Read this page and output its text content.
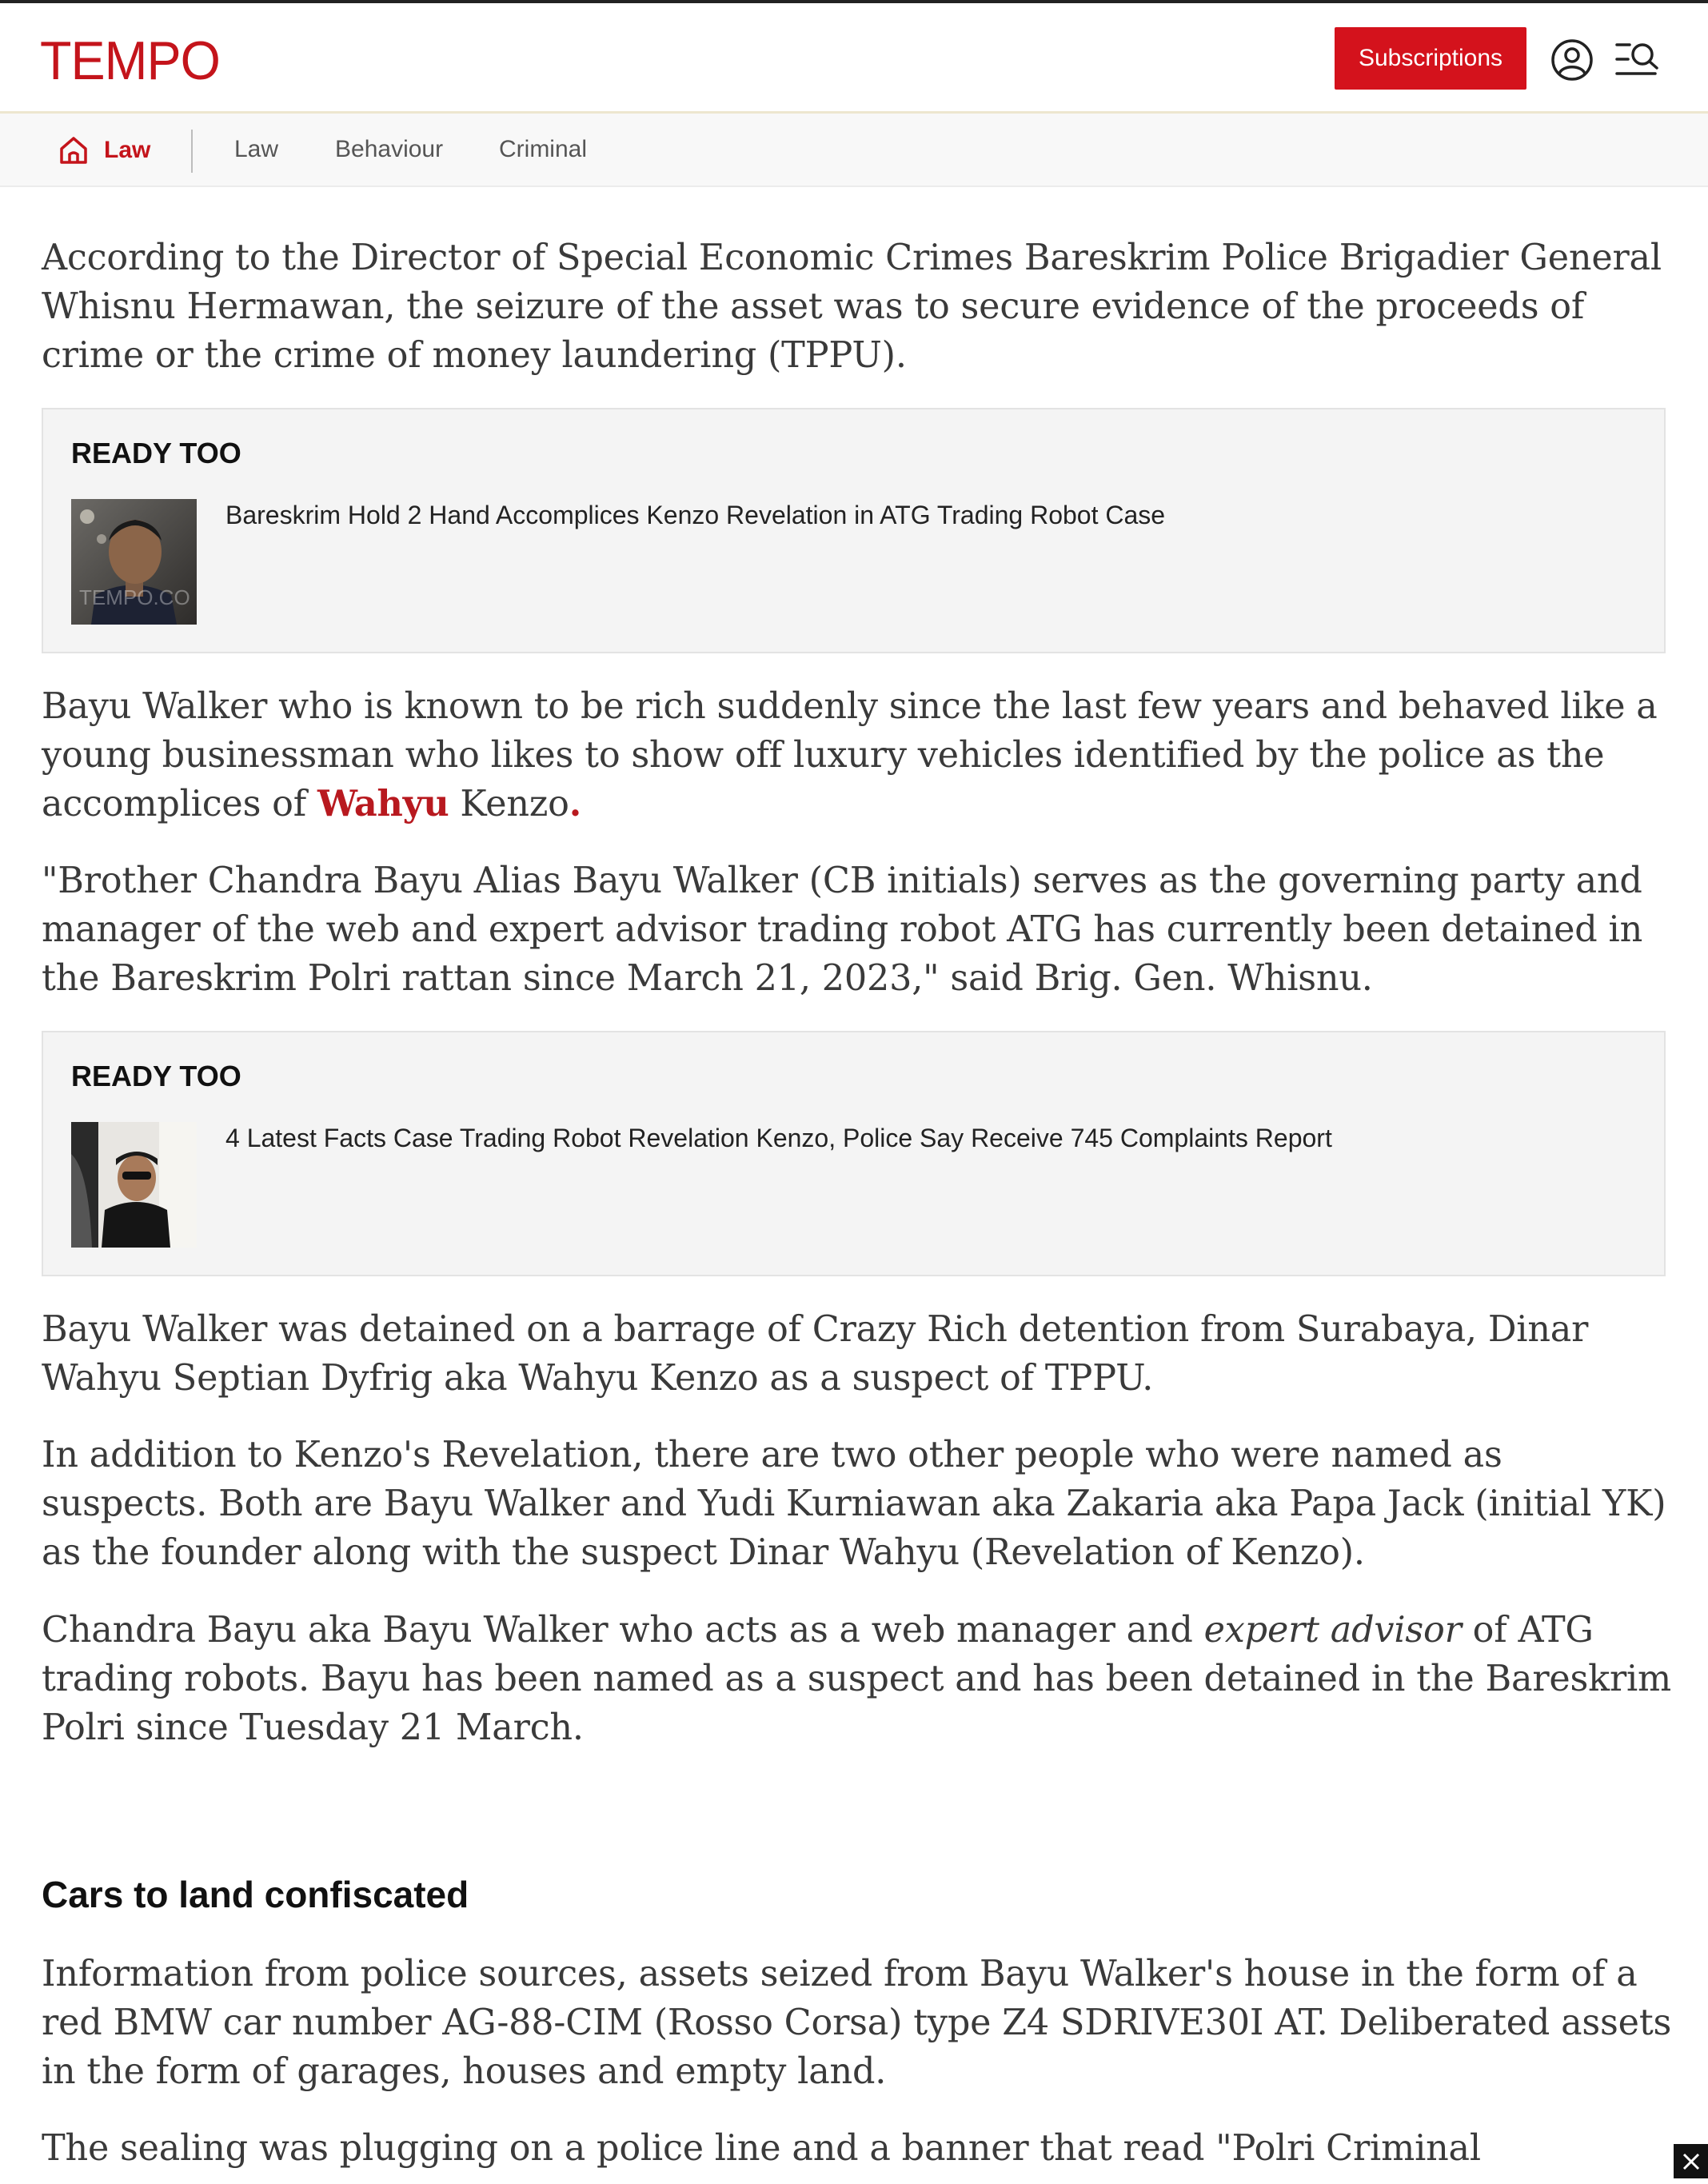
TEMPO	Subscriptions
Law	Law Behaviour Criminal

According to the Director of Special Economic Crimes Bareskrim Police Brigadier General Whisnu Hermawan, the seizure of the asset was to secure evidence of the proceeds of crime or the crime of money laundering (TPPU).

READY TOO
TEMPO.CO
Bareskrim Hold 2 Hand Accomplices Kenzo Revelation in ATG Trading Robot Case

Bayu Walker who is known to be rich suddenly since the last few years and behaved like a young businessman who likes to show off luxury vehicles identified by the police as the accomplices of Wahyu Kenzo.

"Brother Chandra Bayu Alias Bayu Walker (CB initials) serves as the governing party and manager of the web and expert advisor trading robot ATG has currently been detained in the Bareskrim Polri rattan since March 21, 2023," said Brig. Gen. Whisnu.

READY TOO
4 Latest Facts Case Trading Robot Revelation Kenzo, Police Say Receive 745 Complaints Report

Bayu Walker was detained on a barrage of Crazy Rich detention from Surabaya, Dinar Wahyu Septian Dyfrig aka Wahyu Kenzo as a suspect of TPPU.

In addition to Kenzo's Revelation, there are two other people who were named as suspects. Both are Bayu Walker and Yudi Kurniawan aka Zakaria aka Papa Jack (initial YK) as the founder along with the suspect Dinar Wahyu (Revelation of Kenzo).

Chandra Bayu aka Bayu Walker who acts as a web manager and expert advisor of ATG trading robots. Bayu has been named as a suspect and has been detained in the Bareskrim Polri since Tuesday 21 March.

Cars to land confiscated

Information from police sources, assets seized from Bayu Walker's house in the form of a red BMW car number AG-88-CIM (Rosso Corsa) type Z4 SDRIVE30I AT. Deliberated assets in the form of garages, houses and empty land.

The sealing was plugging on a police line and a banner that read "Polri Criminal
